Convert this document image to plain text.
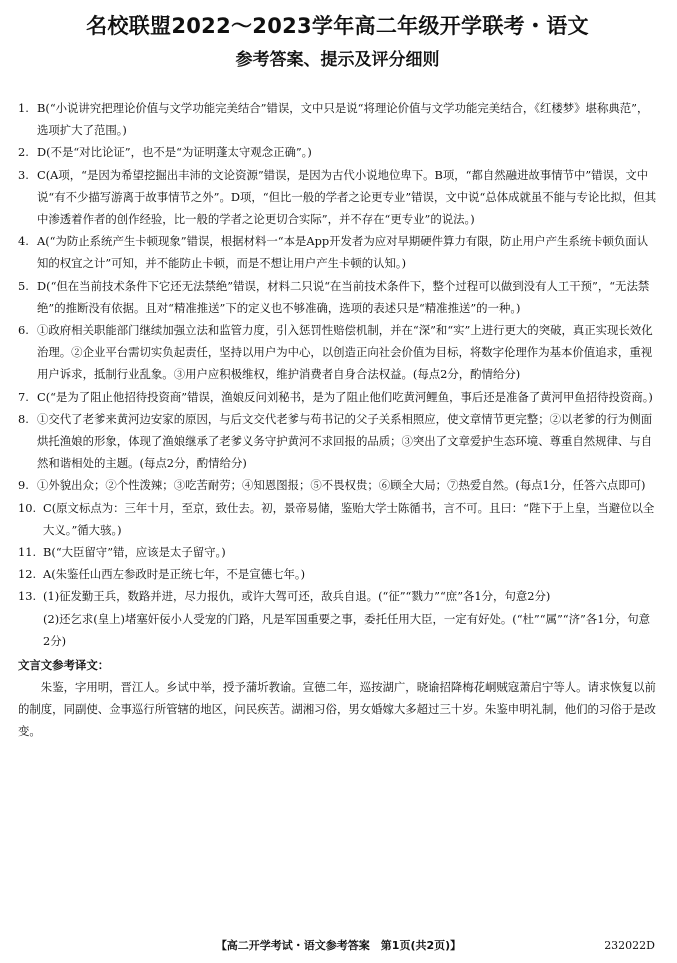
名校联盟2022～2023学年高二年级开学联考・语文
参考答案、提示及评分细则

1. B(“小说讲究把理论价值与文学功能完美结合”错误，文中只是说“将理论价值与文学功能完美结合，《红楼梦》堪称典范”，选项扩大了范围。)

2. D(不是“对比论证”，也不是“为证明蓬太守观念正确”。)

3. C(A项，“是因为希望挖掘出丰沛的文论资源”错误，是因为古代小说地位卑下。B项，“都自然融进故事情节中”错误，文中说“有不少描写游离于故事情节之外”。D项，“但比一般的学者之论更专业”错误，文中说“总体成就虽不能与专论比拟，但其中渗透着作者的创作经验，比一般的学者之论更切合实际”，并不存在“更专业”的说法。)

4. A(“为防止系统产生卡顿现象”错误，根据材料一“本是App开发者为应对早期硬件算力有限，防止用户产生系统卡顿负面认知的权宜之计”可知，并不能防止卡顿，而是不想让用户产生卡顿的认知。)

5. D(“但在当前技术条件下它还无法禁绝”错误，材料二只说“在当前技术条件下，整个过程可以做到没有人工干预”，“无法禁绝”的推断没有依据。且对“精准推送”下的定义也不够准确，选项的表述只是“精准推送”的一种。)

6. ①政府相关职能部门继续加强立法和监管力度，引入惩罚性赔偿机制，并在“深”和“实”上进行更大的突破，真正实现长效化治理。②企业平台需切实负起责任，坚持以用户为中心，以创造正向社会价值为目标，将数字伦理作为基本价值追求，重视用户诉求，抵制行业乱象。③用户应积极维权，维护消费者自身合法权益。(每点2分，酌情给分)

7. C(“是为了阻止他招待投资商”错误，渔娘反问刘秘书，是为了阻止他们吃黄河鲤鱼，事后还是准备了黄河甲鱼招待投资商。)

8. ①交代了老爹来黄河边安家的原因，与后文交代老爹与苟书记的父子关系相照应，使文章情节更完整；②以老爹的行为侧面烘托渔娘的形象，体现了渔娘继承了老爹义务守护黄河不求回报的品质；③突出了文章爱护生态环境、尊重自然规律、与自然和谐相处的主题。(每点2分，酌情给分)

9. ①外貌出众；②个性泼辣；③吃苦耐劳；④知恩图报；⑤不畏权贵；⑥顾全大局；⑦热爱自然。(每点1分，任答六点即可)

10. C(原文标点为：三年十月，至京，致仕去。初，景帝易储，鉴贻大学士陈循书，言不可。且曰：“陛下于上皇，当避位以全大义。”循大骇。)

11. B(“大臣留守”错，应该是太子留守。)

12. A(朱鉴任山西左参政时是正统七年，不是宣德七年。)

13. (1)征发勤王兵，数路并进，尽力报仇，或许大驾可还，敌兵自退。(“征”“戮力”“庶”各1分，句意2分)

(2)还乞求(皇上)堵塞奸佞小人受宠的门路，凡是军国重要之事，委托任用大臣，一定有好处。(“杜”“属”“济”各1分，句意2分)

文言文参考译文：

朱鉴，字用明，晋江人。乡试中举，授予蒲圻教谕。宣德二年，巡按湖广，晓谕招降梅花峒贼寇萧启宁等人。请求恢复以前的制度，同副使、佥事巡行所管辖的地区，问民疾苦。湖湘习俗，男女婚嫁大多超过三十岁。朱鉴申明礼制，他们的习俗于是改变。

【高二开学考试・语文参考答案　第1页(共2页)】	232022D
